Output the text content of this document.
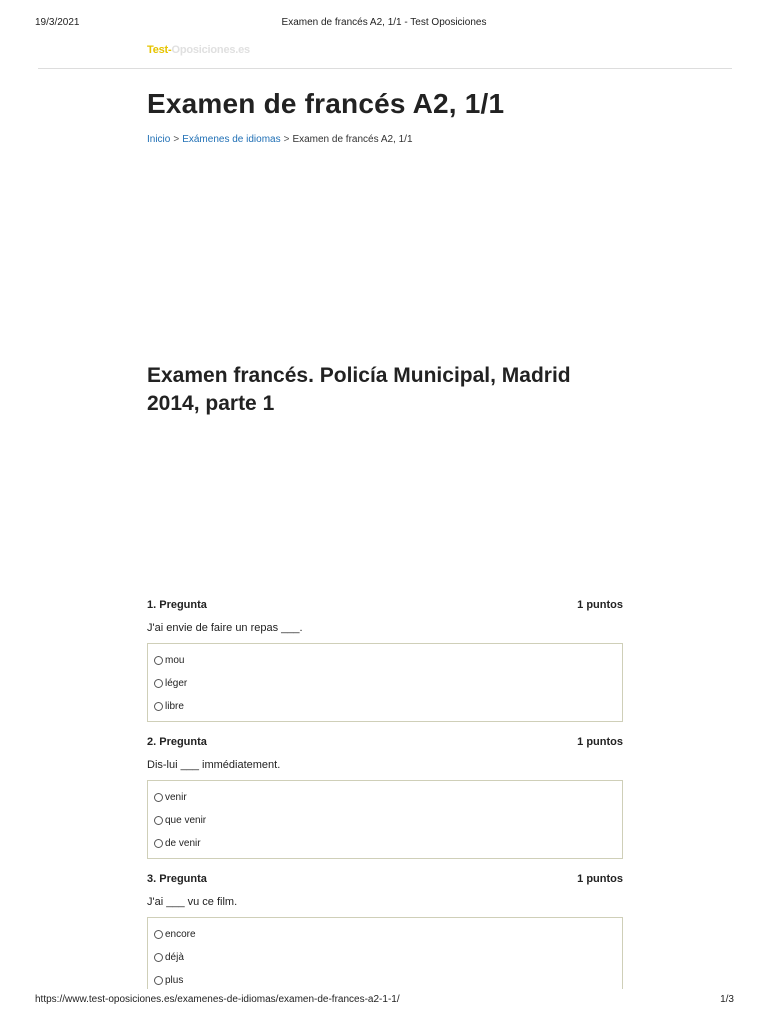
19/3/2021	Examen de francés A2, 1/1 - Test Oposiciones
Test-Oposiciones.es
Examen de francés A2, 1/1
Inicio > Exámenes de idiomas > Examen de francés A2, 1/1
Examen francés. Policía Municipal, Madrid 2014, parte 1
1. Pregunta	1 puntos
J'ai envie de faire un repas ___.
mou
léger
libre
2. Pregunta	1 puntos
Dis-lui ___ immédiatement.
venir
que venir
de venir
3. Pregunta	1 puntos
J'ai ___ vu ce film.
encore
déjà
plus
https://www.test-oposiciones.es/examenes-de-idiomas/examen-de-frances-a2-1-1/	1/3
